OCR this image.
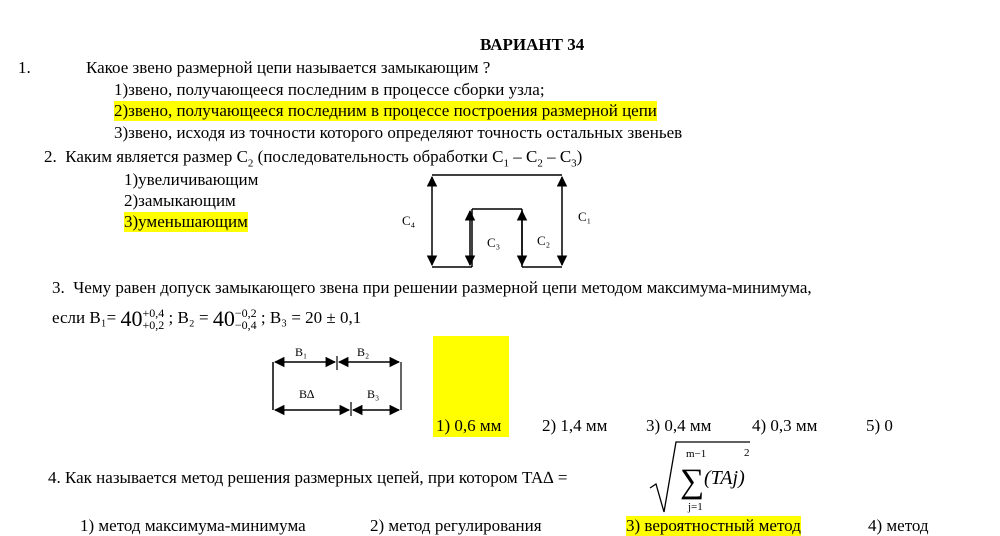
ВАРИАНТ 34
1.	Какое звено размерной цепи называется замыкающим ?
1)звено, получающееся последним в процессе сборки узла;
2)звено, получающееся последним в процессе построения размерной цепи
3)звено, исходя из точности которого определяют точность остальных звеньев
2. Каким является размер $С_2$ (последовательность обработки $С_1 - C_2 - C_3$)
1)увеличивающим
2)замыкающим
3)уменьшающим	C₄	C₁
C₃	C₂
3. Чему равен допуск замыкающего звена при решении размерной цепи методом максимума-минимума,
если B₁= 40 +0,4
+0,2 ; B₂ = 40 −0,2
−0,4 ; B₃ = 20 ± 0,1
B₁	B₂
B∆	B₃
1) 0,6 мм 2) 1,4 мм 3) 0,4 мм 4) 0,3 мм	5) 0
4. Как называется метод решения размерных цепей, при котором TA∆ =
m−1
∑
j=1
(TAj)
2
1) метод максимума-минимума	2) метод регулирования	3) вероятностный метод	4) метод
